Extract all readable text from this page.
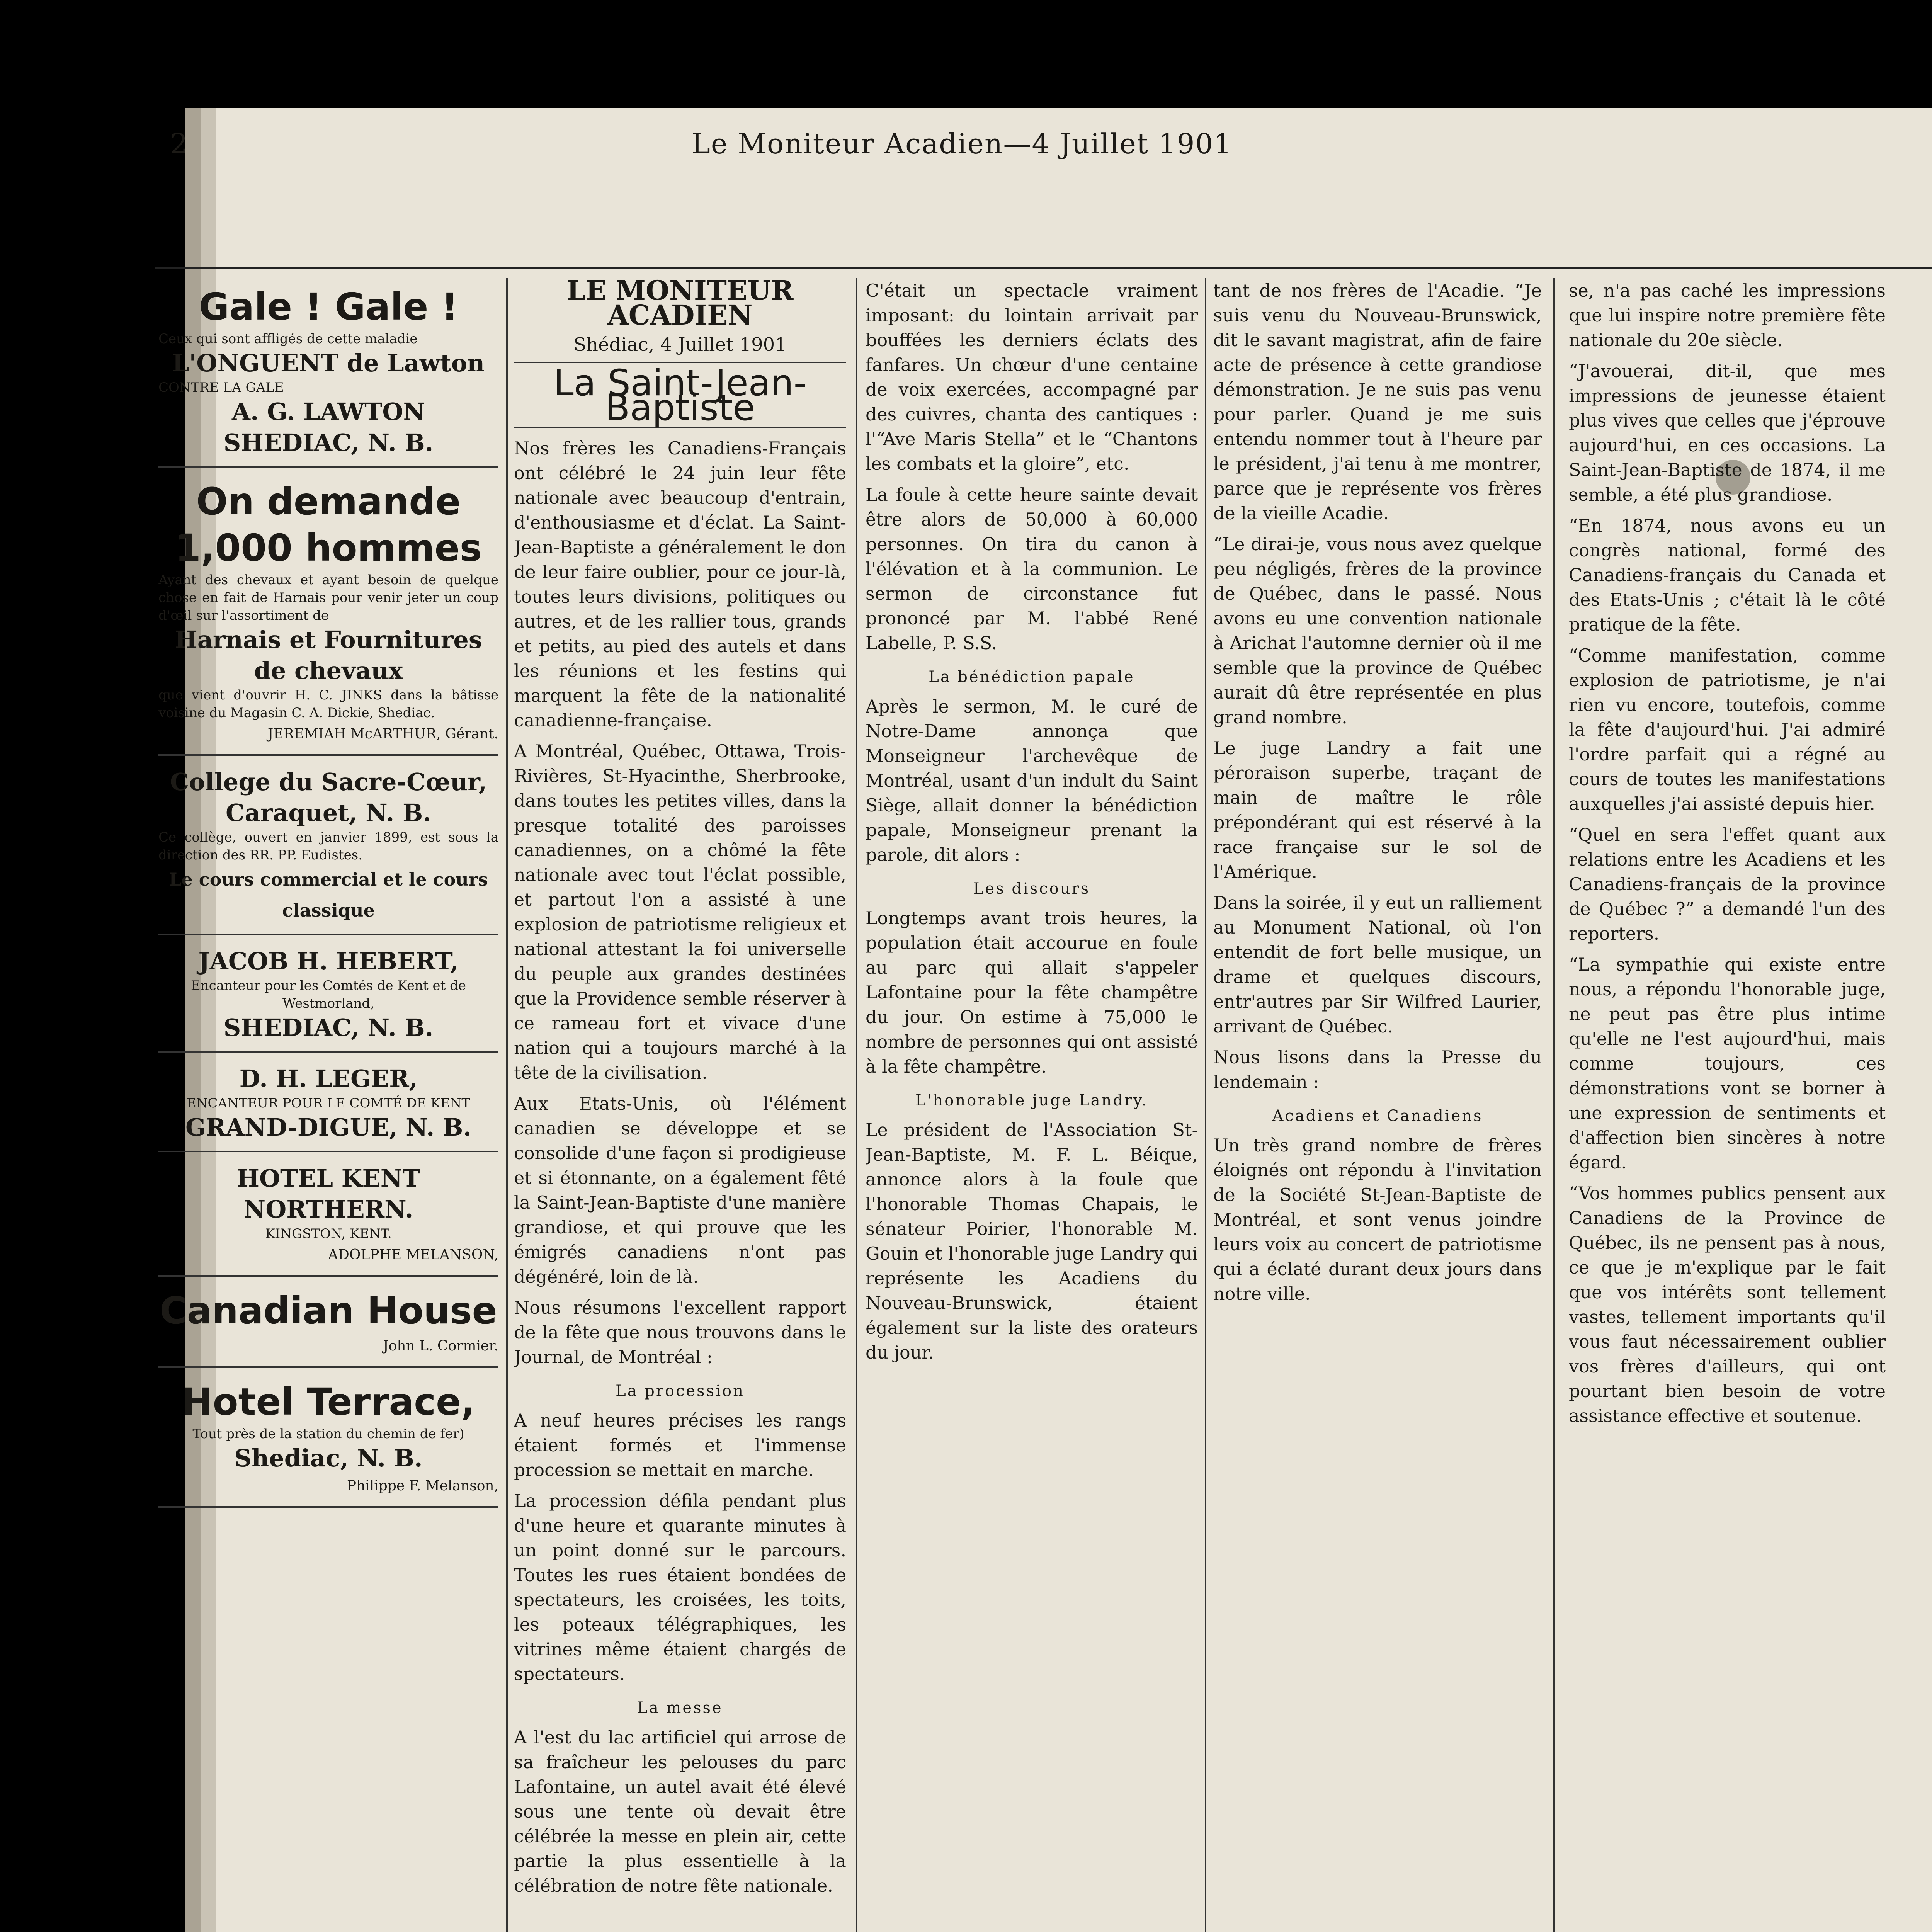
2	Le Moniteur Acadien—4 Juillet 1901
Gale ! Gale !
Ceux qui sont affligés de cette maladie
L'ONGUENT de Lawton
CONTRE LA GALE
A. G. LAWTON
SHEDIAC, N. B.
On demande 1,000 hommes
Ayant des chevaux et ayant besoin de quelque chose en fait de Harnais pour venir jeter un coup d'œil sur l'assortiment de
Harnais et Fournitures de chevaux
que vient d'ouvrir H. C. JINKS dans la bâtisse voisine du Magasin C. A. Dickie, Shediac.
JEREMIAH McARTHUR, Gérant.
College du Sacre-Cœur,
Caraquet, N. B.
Ce collège, ouvert en janvier 1899, est sous la direction des RR. PP. Eudistes.
Le cours commercial et le cours classique
JACOB H. HEBERT,
Encanteur pour les Comtés de Kent et de Westmorland,
SHEDIAC, N. B.
D. H. LEGER,
ENCANTEUR POUR LE COMTÉ DE KENT
GRAND-DIGUE, N. B.
HOTEL KENT NORTHERN.
KINGSTON, KENT.
ADOLPHE MELANSON,
Canadian House
John L. Cormier.
Hotel Terrace,
Tout près de la station du chemin de fer)
Shediac, N. B.
Philippe F. Melanson,
LE MONITEUR ACADIEN
Shédiac, 4 Juillet 1901
La Saint-Jean-Baptiste

Nos frères les Canadiens-Français ont célébré le 24 juin leur fête nationale avec beaucoup d'entrain, d'enthousiasme et d'éclat. La Saint-Jean-Baptiste a généralement le don de leur faire oublier, pour ce jour-là, toutes leurs divisions, politiques ou autres, et de les rallier tous, grands et petits, au pied des autels et dans les réunions et les festins qui marquent la fête de la nationalité canadienne-française.

A Montréal, Québec, Ottawa, Trois-Rivières, St-Hyacinthe, Sherbrooke, dans toutes les petites villes, dans la presque totalité des paroisses canadiennes, on a chômé la fête nationale avec tout l'éclat possible, et partout l'on a assisté à une explosion de patriotisme religieux et national attestant la foi universelle du peuple aux grandes destinées que la Providence semble réserver à ce rameau fort et vivace d'une nation qui a toujours marché à la tête de la civilisation.

Aux Etats-Unis, où l'élément canadien se développe et se consolide d'une façon si prodigieuse et si étonnante, on a également fêté la Saint-Jean-Baptiste d'une manière grandiose, et qui prouve que les émigrés canadiens n'ont pas dégénéré, loin de là.

Nous résumons l'excellent rapport de la fête que nous trouvons dans le Journal, de Montréal :

La procession

A neuf heures précises les rangs étaient formés et l'immense procession se mettait en marche.

La procession défila pendant plus d'une heure et quarante minutes à un point donné sur le parcours. Toutes les rues étaient bondées de spectateurs, les croisées, les toits, les poteaux télégraphiques, les vitrines même étaient chargés de spectateurs.

La messe

A l'est du lac artificiel qui arrose de sa fraîcheur les pelouses du parc Lafontaine, un autel avait été élevé sous une tente où devait être célébrée la messe en plein air, cette partie la plus essentielle à la célébration de notre fête nationale.

C'était un spectacle vraiment imposant: du lointain arrivait par bouffées les derniers éclats des fanfares. Un chœur d'une centaine de voix exercées, accompagné par des cuivres, chanta des cantiques : l'“Ave Maris Stella” et le “Chantons les combats et la gloire”, etc.

La foule à cette heure sainte devait être alors de 50,000 à 60,000 personnes. On tira du canon à l'élévation et à la communion. Le sermon de circonstance fut prononcé par M. l'abbé René Labelle, P. S.S.

La bénédiction papale

Après le sermon, M. le curé de Notre-Dame annonça que Monseigneur l'archevêque de Montréal, usant d'un indult du Saint Siège, allait donner la bénédiction papale, Monseigneur prenant la parole, dit alors :

Les discours

Longtemps avant trois heures, la population était accourue en foule au parc qui allait s'appeler Lafontaine pour la fête champêtre du jour. On estime à 75,000 le nombre de personnes qui ont assisté à la fête champêtre.

L'honorable juge Landry.

Le président de l'Association St-Jean-Baptiste, M. F. L. Béique, annonce alors à la foule que l'honorable Thomas Chapais, le sénateur Poirier, l'honorable M. Gouin et l'honorable juge Landry qui représente les Acadiens du Nouveau-Brunswick, étaient également sur la liste des orateurs du jour.

tant de nos frères de l'Acadie. “Je suis venu du Nouveau-Brunswick, dit le savant magistrat, afin de faire acte de présence à cette grandiose démonstration. Je ne suis pas venu pour parler. Quand je me suis entendu nommer tout à l'heure par le président, j'ai tenu à me montrer, parce que je représente vos frères de la vieille Acadie.

“Le dirai-je, vous nous avez quelque peu négligés, frères de la province de Québec, dans le passé. Nous avons eu une convention nationale à Arichat l'automne dernier où il me semble que la province de Québec aurait dû être représentée en plus grand nombre.

Le juge Landry a fait une péroraison superbe, traçant de main de maître le rôle prépondérant qui est réservé à la race française sur le sol de l'Amérique.

Dans la soirée, il y eut un ralliement au Monument National, où l'on entendit de fort belle musique, un drame et quelques discours, entr'autres par Sir Wilfred Laurier, arrivant de Québec.

Nous lisons dans la Presse du lendemain :

Acadiens et Canadiens

Un très grand nombre de frères éloignés ont répondu à l'invitation de la Société St-Jean-Baptiste de Montréal, et sont venus joindre leurs voix au concert de patriotisme qui a éclaté durant deux jours dans notre ville.

se, n'a pas caché les impressions que lui inspire notre première fête nationale du 20e siècle.

“J'avouerai, dit-il, que mes impressions de jeunesse étaient plus vives que celles que j'éprouve aujourd'hui, en ces occasions. La Saint-Jean-Baptiste de 1874, il me semble, a été plus grandiose.

“En 1874, nous avons eu un congrès national, formé des Canadiens-français du Canada et des Etats-Unis ; c'était là le côté pratique de la fête.

“Comme manifestation, comme explosion de patriotisme, je n'ai rien vu encore, toutefois, comme la fête d'aujourd'hui. J'ai admiré l'ordre parfait qui a régné au cours de toutes les manifestations auxquelles j'ai assisté depuis hier.

“Quel en sera l'effet quant aux relations entre les Acadiens et les Canadiens-français de la province de Québec ?” a demandé l'un des reporters.

“La sympathie qui existe entre nous, a répondu l'honorable juge, ne peut pas être plus intime qu'elle ne l'est aujourd'hui, mais comme toujours, ces démonstrations vont se borner à une expression de sentiments et d'affection bien sincères à notre égard.

“Vos hommes publics pensent aux Canadiens de la Province de Québec, ils ne pensent pas à nous, ce que je m'explique par le fait que vos intérêts sont tellement vastes, tellement importants qu'il vous faut nécessairement oublier vos frères d'ailleurs, qui ont pourtant bien besoin de votre assistance effective et soutenue.
